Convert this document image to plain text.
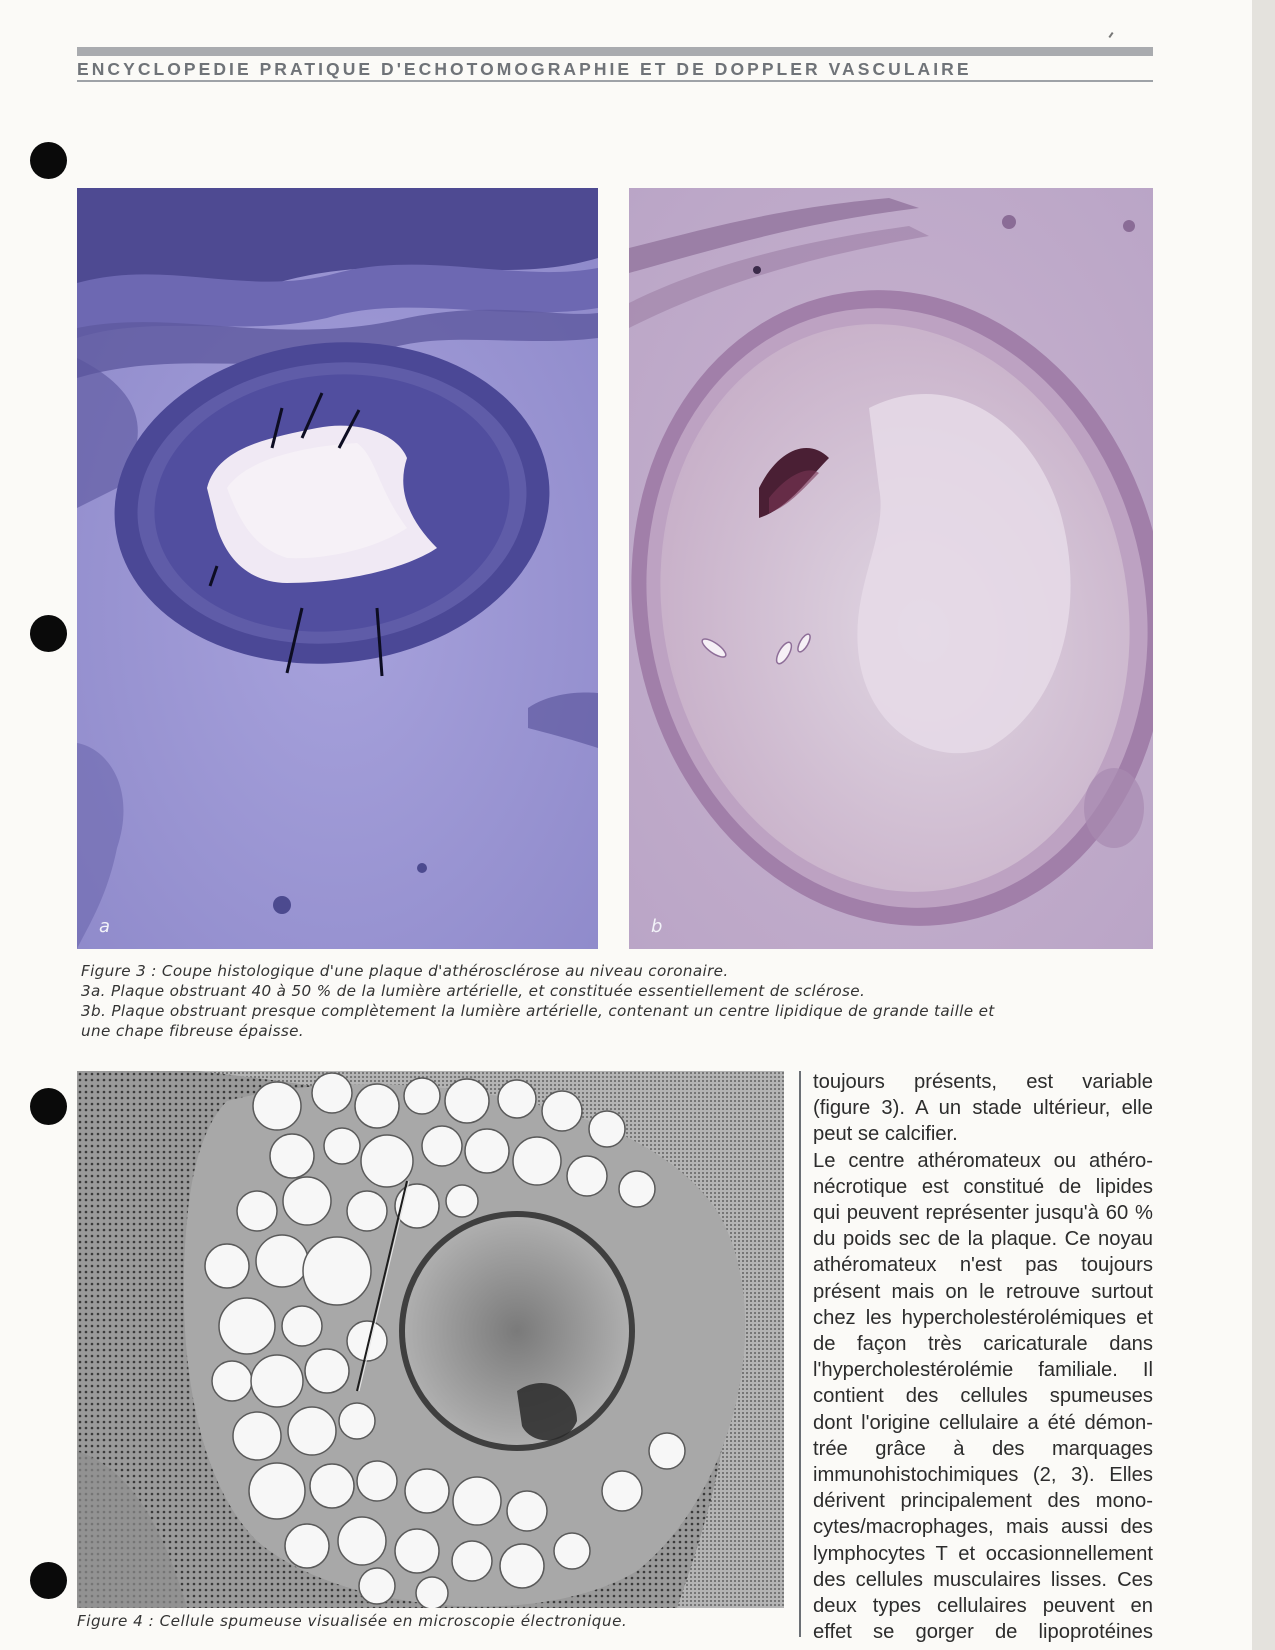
ENCYCLOPEDIE PRATIQUE D'ECHOTOMOGRAPHIE ET DE DOPPLER VASCULAIRE
a	b
Figure 3 : Coupe histologique d'une plaque d'athérosclérose au niveau coronaire.
3a. Plaque obstruant 40 à 50 % de la lumière artérielle, et constituée essentiellement de sclérose.
3b. Plaque obstruant presque complètement la lumière artérielle, contenant un centre lipidique de grande taille et
une chape fibreuse épaisse.
Figure 4 : Cellule spumeuse visualisée en microscopie électronique.
toujours présents, est variable
(figure 3). A un stade ultérieur, elle
peut se calcifier.
Le centre athéromateux ou athéro-
nécrotique est constitué de lipides
qui peuvent représenter jusqu'à 60 %
du poids sec de la plaque. Ce noyau
athéromateux n'est pas toujours
présent mais on le retrouve surtout
chez les hypercholestérolémiques et
de façon très caricaturale dans
l'hypercholestérolémie familiale. Il
contient des cellules spumeuses
dont l'origine cellulaire a été démon-
trée grâce à des marquages
immunohistochimiques (2, 3). Elles
dérivent principalement des mono-
cytes/macrophages, mais aussi des
lymphocytes T et occasionnellement
des cellules musculaires lisses. Ces
deux types cellulaires peuvent en
effet se gorger de lipoprotéines
